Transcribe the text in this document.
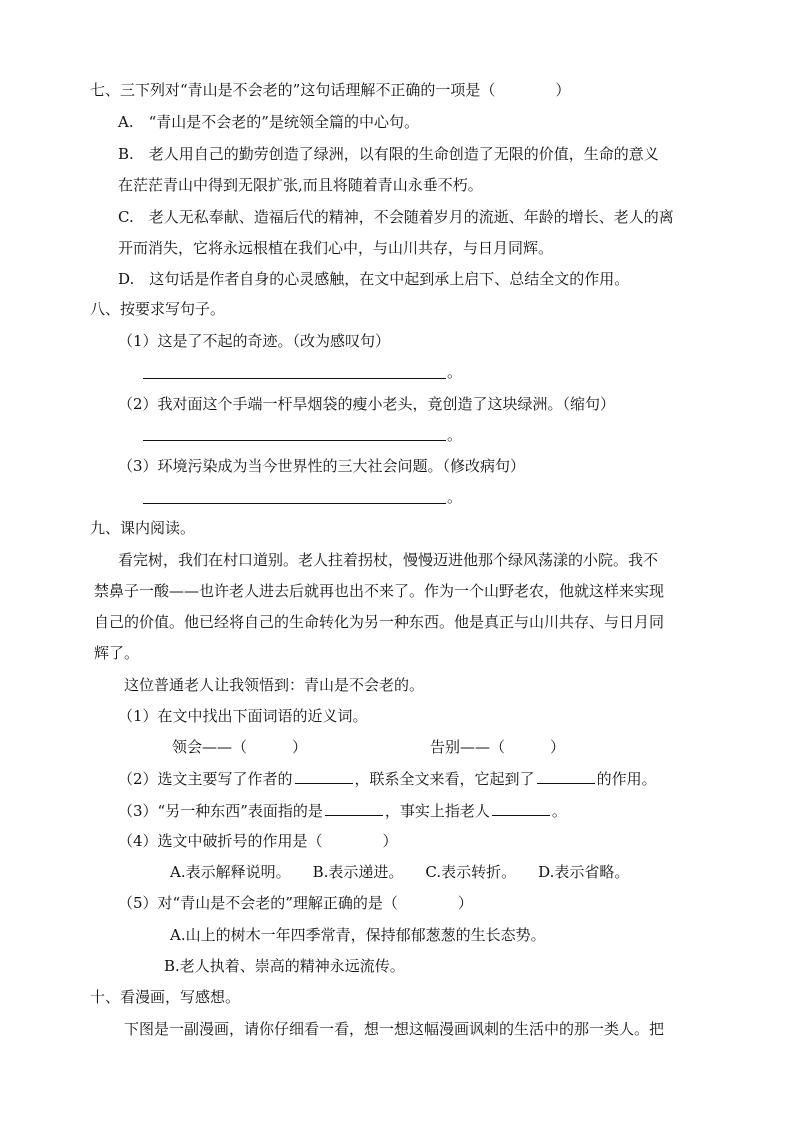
七、三下列对“青山是不会老的”这句话理解不正确的一项是（　　　　）
A.　“青山是不会老的”是统领全篇的中心句。
B.　老人用自己的勤劳创造了绿洲，以有限的生命创造了无限的价值，生命的意义
在茫茫青山中得到无限扩张,而且将随着青山永垂不朽。
C.　老人无私奉献、造福后代的精神，不会随着岁月的流逝、年龄的增长、老人的离
开而消失，它将永远根植在我们心中，与山川共存，与日月同辉。
D.　这句话是作者自身的心灵感触，在文中起到承上启下、总结全文的作用。
八、按要求写句子。
（1）这是了不起的奇迹。（改为感叹句）
。
（2）我对面这个手端一杆旱烟袋的瘦小老头，竟创造了这块绿洲。（缩句）
。
（3）环境污染成为当今世界性的三大社会问题。（修改病句）
。
九、课内阅读。
看完树，我们在村口道别。老人拄着拐杖，慢慢迈进他那个绿风荡漾的小院。我不
禁鼻子一酸——也许老人进去后就再也出不来了。作为一个山野老农，他就这样来实现
自己的价值。他已经将自己的生命转化为另一种东西。他是真正与山川共存、与日月同
辉了。
这位普通老人让我领悟到：青山是不会老的。
（1）在文中找出下面词语的近义词。
领会——（　　　）	告别——（　　　）
（2）选文主要写了作者的	，联系全文来看，它起到了	的作用。
（3）“另一种东西”表面指的是	，事实上指老人	。
（4）选文中破折号的作用是（　　　　）
A.表示解释说明。 B.表示递进。 C.表示转折。 D.表示省略。
（5）对“青山是不会老的”理解正确的是（　　　　）
A.山上的树木一年四季常青，保持郁郁葱葱的生长态势。
B.老人执着、崇高的精神永远流传。
十、看漫画，写感想。
下图是一副漫画，请你仔细看一看，想一想这幅漫画讽刺的生活中的那一类人。把
